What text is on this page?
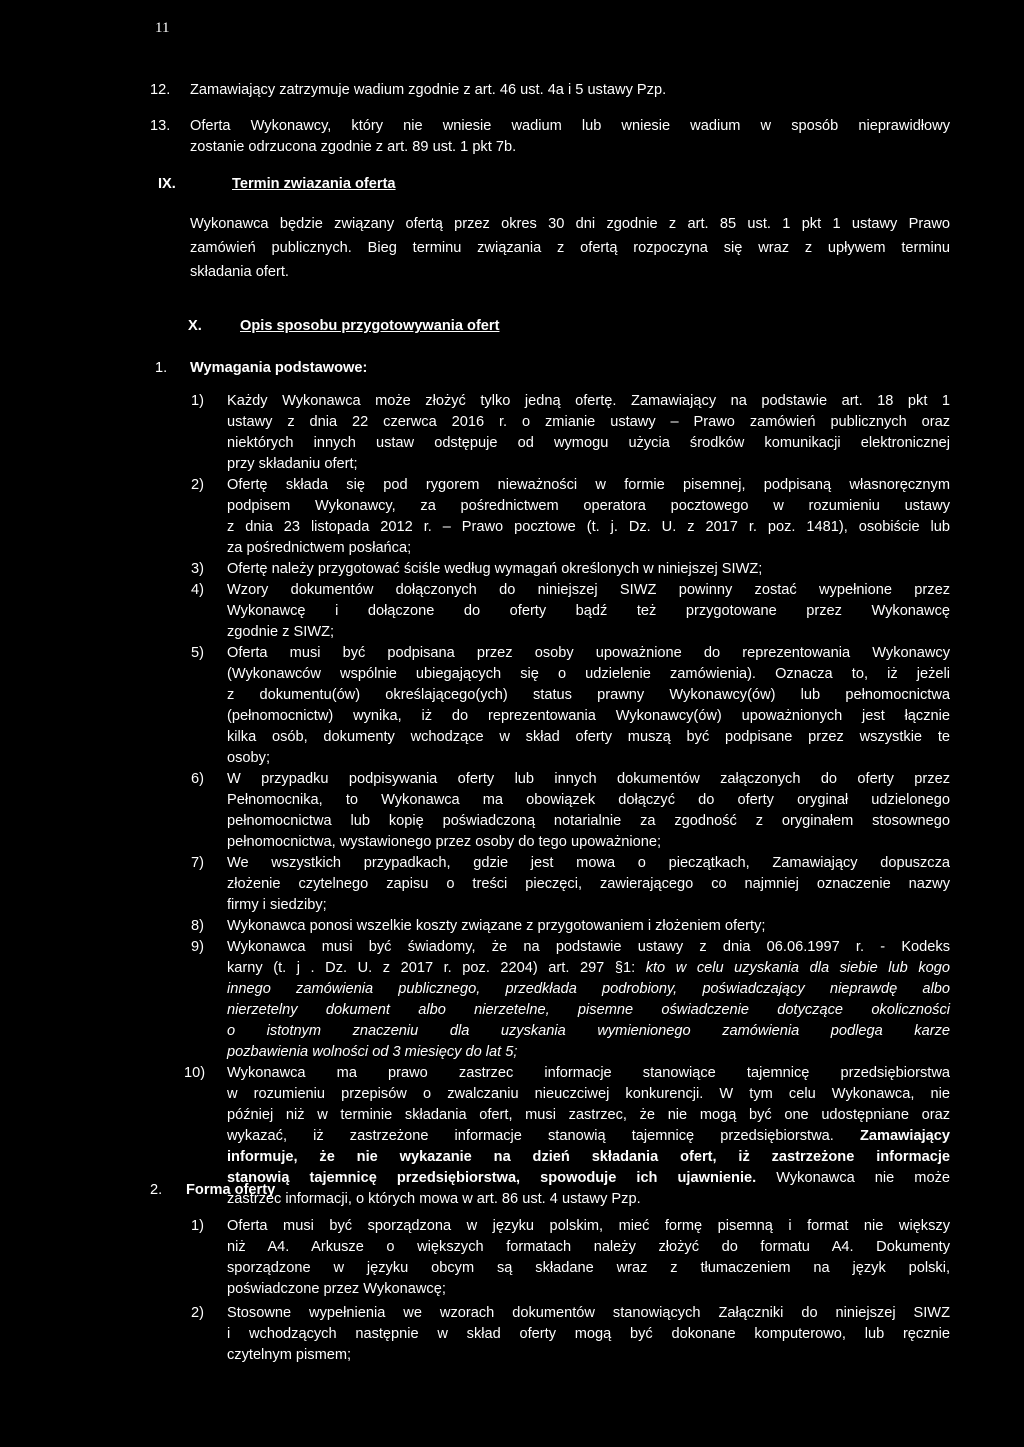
11
12. Zamawiający zatrzymuje wadium zgodnie z art. 46 ust. 4a i 5 ustawy Pzp.
13. Oferta Wykonawcy, który nie wniesie wadium lub wniesie wadium w sposób nieprawidłowy
zostanie odrzucona zgodnie z art. 89 ust. 1 pkt 7b.
IX.	Termin zwiazania oferta
Wykonawca będzie związany ofertą przez okres 30 dni zgodnie z art. 85 ust. 1 pkt 1 ustawy Prawo
zamówień publicznych. Bieg terminu związania z ofertą rozpoczyna się wraz z upływem terminu
składania ofert.
X.	Opis sposobu przygotowywania ofert
1. Wymagania podstawowe:
1) Każdy Wykonawca może złożyć tylko jedną ofertę. Zamawiający na podstawie art. 18 pkt 1
ustawy z dnia 22 czerwca 2016 r. o zmianie ustawy – Prawo zamówień publicznych oraz
niektórych innych ustaw odstępuje od wymogu użycia środków komunikacji elektronicznej
przy składaniu ofert;
2) Ofertę składa się pod rygorem nieważności w formie pisemnej, podpisaną własnoręcznym
podpisem Wykonawcy, za pośrednictwem operatora pocztowego w rozumieniu ustawy
z dnia 23 listopada 2012 r. – Prawo pocztowe (t. j. Dz. U. z 2017 r. poz. 1481), osobiście lub
za pośrednictwem posłańca;
3) Ofertę należy przygotować ściśle według wymagań określonych w niniejszej SIWZ;
4) Wzory dokumentów dołączonych do niniejszej SIWZ powinny zostać wypełnione przez
Wykonawcę i dołączone do oferty bądź też przygotowane przez Wykonawcę
zgodnie z SIWZ;
5) Oferta musi być podpisana przez osoby upoważnione do reprezentowania Wykonawcy
(Wykonawców wspólnie ubiegających się o udzielenie zamówienia). Oznacza to, iż jeżeli
z dokumentu(ów) określającego(ych) status prawny Wykonawcy(ów) lub pełnomocnictwa
(pełnomocnictw) wynika, iż do reprezentowania Wykonawcy(ów) upoważnionych jest łącznie
kilka osób, dokumenty wchodzące w skład oferty muszą być podpisane przez wszystkie te
osoby;
6) W przypadku podpisywania oferty lub innych dokumentów załączonych do oferty przez
Pełnomocnika, to Wykonawca ma obowiązek dołączyć do oferty oryginał udzielonego
pełnomocnictwa lub kopię poświadczoną notarialnie za zgodność z oryginałem stosownego
pełnomocnictwa, wystawionego przez osoby do tego upoważnione;
7) We wszystkich przypadkach, gdzie jest mowa o pieczątkach, Zamawiający dopuszcza
złożenie czytelnego zapisu o treści pieczęci, zawierającego co najmniej oznaczenie nazwy
firmy i siedziby;
8) Wykonawca ponosi wszelkie koszty związane z przygotowaniem i złożeniem oferty;
9) Wykonawca musi być świadomy, że na podstawie ustawy z dnia 06.06.1997 r. - Kodeks
karny (t. j . Dz. U. z 2017 r. poz. 2204) art. 297 §1: kto w celu uzyskania dla siebie lub kogo
innego zamówienia publicznego, przedkłada podrobiony, poświadczający nieprawdę albo
nierzetelny dokument albo nierzetelne, pisemne oświadczenie dotyczące okoliczności
o istotnym znaczeniu dla uzyskania wymienionego zamówienia podlega karze
pozbawienia wolności od 3 miesięcy do lat 5;
10) Wykonawca ma prawo zastrzec informacje stanowiące tajemnicę przedsiębiorstwa
w rozumieniu przepisów o zwalczaniu nieuczciwej konkurencji. W tym celu Wykonawca, nie
później niż w terminie składania ofert, musi zastrzec, że nie mogą być one udostępniane oraz
wykazać, iż zastrzeżone informacje stanowią tajemnicę przedsiębiorstwa. Zamawiający
informuje, że nie wykazanie na dzień składania ofert, iż zastrzeżone informacje
stanowią tajemnicę przedsiębiorstwa, spowoduje ich ujawnienie. Wykonawca nie może
zastrzec informacji, o których mowa w art. 86 ust. 4 ustawy Pzp.
2. Forma oferty
1) Oferta musi być sporządzona w języku polskim, mieć formę pisemną i format nie większy
niż A4. Arkusze o większych formatach należy złożyć do formatu A4. Dokumenty
sporządzone w języku obcym są składane wraz z tłumaczeniem na język polski,
poświadczone przez Wykonawcę;
2) Stosowne wypełnienia we wzorach dokumentów stanowiących Załączniki do niniejszej SIWZ
i wchodzących następnie w skład oferty mogą być dokonane komputerowo, lub ręcznie
czytelnym pismem;
